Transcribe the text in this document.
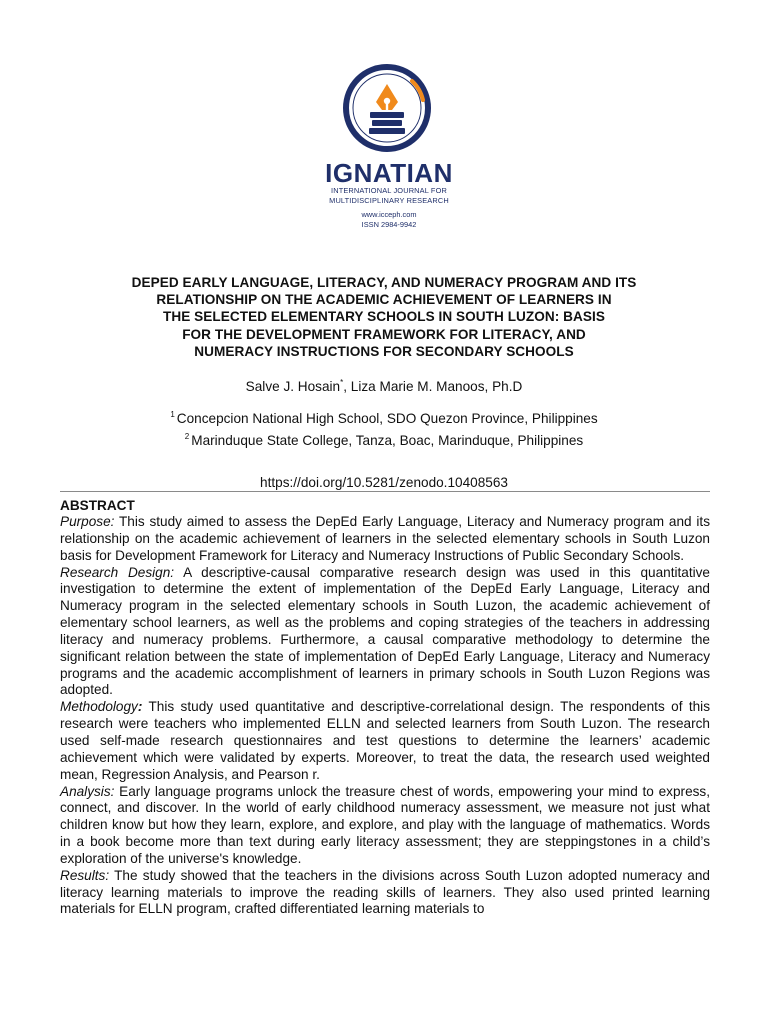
IGNATIAN
INTERNATIONAL JOURNAL FOR
MULTIDISCIPLINARY RESEARCH
www.icceph.com
ISSN 2984-9942
DEPED EARLY LANGUAGE, LITERACY, AND NUMERACY PROGRAM AND ITS
RELATIONSHIP ON THE ACADEMIC ACHIEVEMENT OF LEARNERS IN
THE SELECTED ELEMENTARY SCHOOLS IN SOUTH LUZON: BASIS
FOR THE DEVELOPMENT FRAMEWORK FOR LITERACY, AND
NUMERACY INSTRUCTIONS FOR SECONDARY SCHOOLS
Salve J. Hosain*, Liza Marie M. Manoos, Ph.D
$^1$ Concepcion National High School, SDO Quezon Province, Philippines
$^2$ Marinduque State College, Tanza, Boac, Marinduque, Philippines
https://doi.org/10.5281/zenodo.10408563
ABSTRACT

Purpose: This study aimed to assess the DepEd Early Language, Literacy and Numeracy program and its relationship on the academic achievement of learners in the selected elementary schools in South Luzon basis for Development Framework for Literacy and Numeracy Instructions of Public Secondary Schools.

Research Design: A descriptive-causal comparative research design was used in this quantitative investigation to determine the extent of implementation of the DepEd Early Language, Literacy and Numeracy program in the selected elementary schools in South Luzon, the academic achievement of elementary school learners, as well as the problems and coping strategies of the teachers in addressing literacy and numeracy problems. Furthermore, a causal comparative methodology to determine the significant relation between the state of implementation of DepEd Early Language, Literacy and Numeracy programs and the academic accomplishment of learners in primary schools in South Luzon Regions was adopted.

Methodology: This study used quantitative and descriptive-correlational design. The respondents of this research were teachers who implemented ELLN and selected learners from South Luzon. The research used self-made research questionnaires and test questions to determine the learners’ academic achievement which were validated by experts. Moreover, to treat the data, the research used weighted mean, Regression Analysis, and Pearson r.

Analysis: Early language programs unlock the treasure chest of words, empowering your mind to express, connect, and discover. In the world of early childhood numeracy assessment, we measure not just what children know but how they learn, explore, and explore, and play with the language of mathematics. Words in a book become more than text during early literacy assessment; they are steppingstones in a child’s exploration of the universe's knowledge.

Results: The study showed that the teachers in the divisions across South Luzon adopted numeracy and literacy learning materials to improve the reading skills of learners. They also used printed learning materials for ELLN program, crafted differentiated learning materials to
